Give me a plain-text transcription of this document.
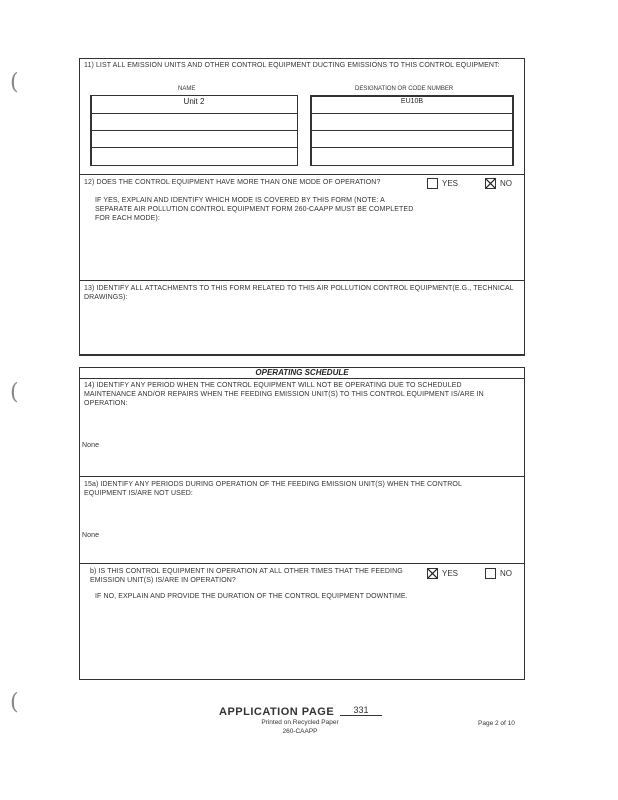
(
(
(
11) LIST ALL EMISSION UNITS AND OTHER CONTROL EQUIPMENT DUCTING EMISSIONS TO THIS CONTROL EQUIPMENT:
NAME	DESIGNATION OR CODE NUMBER
Unit 2	EU10B
12) DOES THE CONTROL EQUIPMENT HAVE MORE THAN ONE MODE OF OPERATION?	YES	NO
IF YES, EXPLAIN AND IDENTIFY WHICH MODE IS COVERED BY THIS FORM (NOTE: A SEPARATE AIR POLLUTION CONTROL EQUIPMENT FORM 260-CAAPP MUST BE COMPLETED FOR EACH MODE):
13) IDENTIFY ALL ATTACHMENTS TO THIS FORM RELATED TO THIS AIR POLLUTION CONTROL EQUIPMENT(E.G., TECHNICAL DRAWINGS):
OPERATING SCHEDULE
14) IDENTIFY ANY PERIOD WHEN THE CONTROL EQUIPMENT WILL NOT BE OPERATING DUE TO SCHEDULED MAINTENANCE AND/OR REPAIRS WHEN THE FEEDING EMISSION UNIT(S) TO THIS CONTROL EQUIPMENT IS/ARE IN OPERATION:
None
15a) IDENTIFY ANY PERIODS DURING OPERATION OF THE FEEDING EMISSION UNIT(S) WHEN THE CONTROL EQUIPMENT IS/ARE NOT USED:
None
b) IS THIS CONTROL EQUIPMENT IN OPERATION AT ALL OTHER TIMES THAT THE FEEDING EMISSION UNIT(S) IS/ARE IN OPERATION?
YES	NO
IF NO, EXPLAIN AND PROVIDE THE DURATION OF THE CONTROL EQUIPMENT DOWNTIME.
APPLICATION PAGE	331
Printed on Recycled Paper
260-CAAPP
Page 2 of 10
